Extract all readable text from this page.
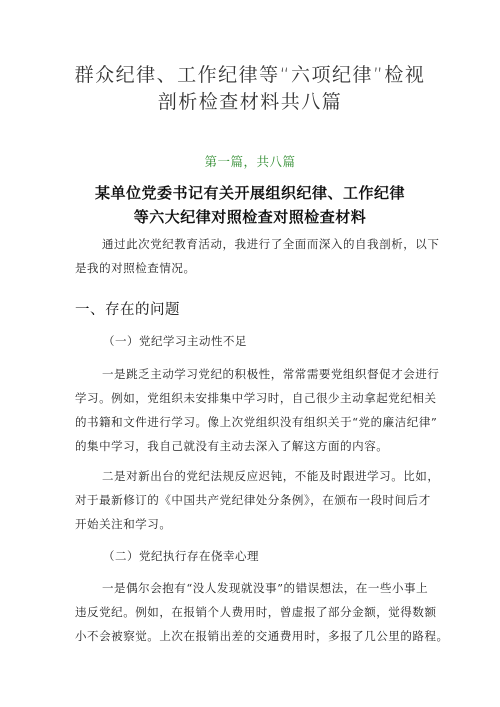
群众纪律、工作纪律等“六项纪律”检视
剖析检查材料共八篇
第一篇，共八篇
某单位党委书记有关开展组织纪律、工作纪律
等六大纪律对照检查对照检查材料
通过此次党纪教育活动，我进行了全面而深入的自我剖析，以下
是我的对照检查情况。
一、存在的问题
（一）党纪学习主动性不足
一是跳乏主动学习党纪的积极性，常常需要党组织督促才会进行
学习。例如，党组织未安排集中学习时，自己很少主动拿起党纪相关
的书籍和文件进行学习。像上次党组织没有组织关于“党的廉洁纪律”
的集中学习，我自己就没有主动去深入了解这方面的内容。
二是对新出台的党纪法规反应迟钝，不能及时跟进学习。比如，
对于最新修订的《中国共产党纪律处分条例》，在颁布一段时间后才
开始关注和学习。
（二）党纪执行存在侥幸心理
一是偶尔会抱有“没人发现就没事”的错误想法，在一些小事上
违反党纪。例如，在报销个人费用时，曾虚报了部分金额，觉得数额
小不会被察觉。上次在报销出差的交通费用时，多报了几公里的路程。
